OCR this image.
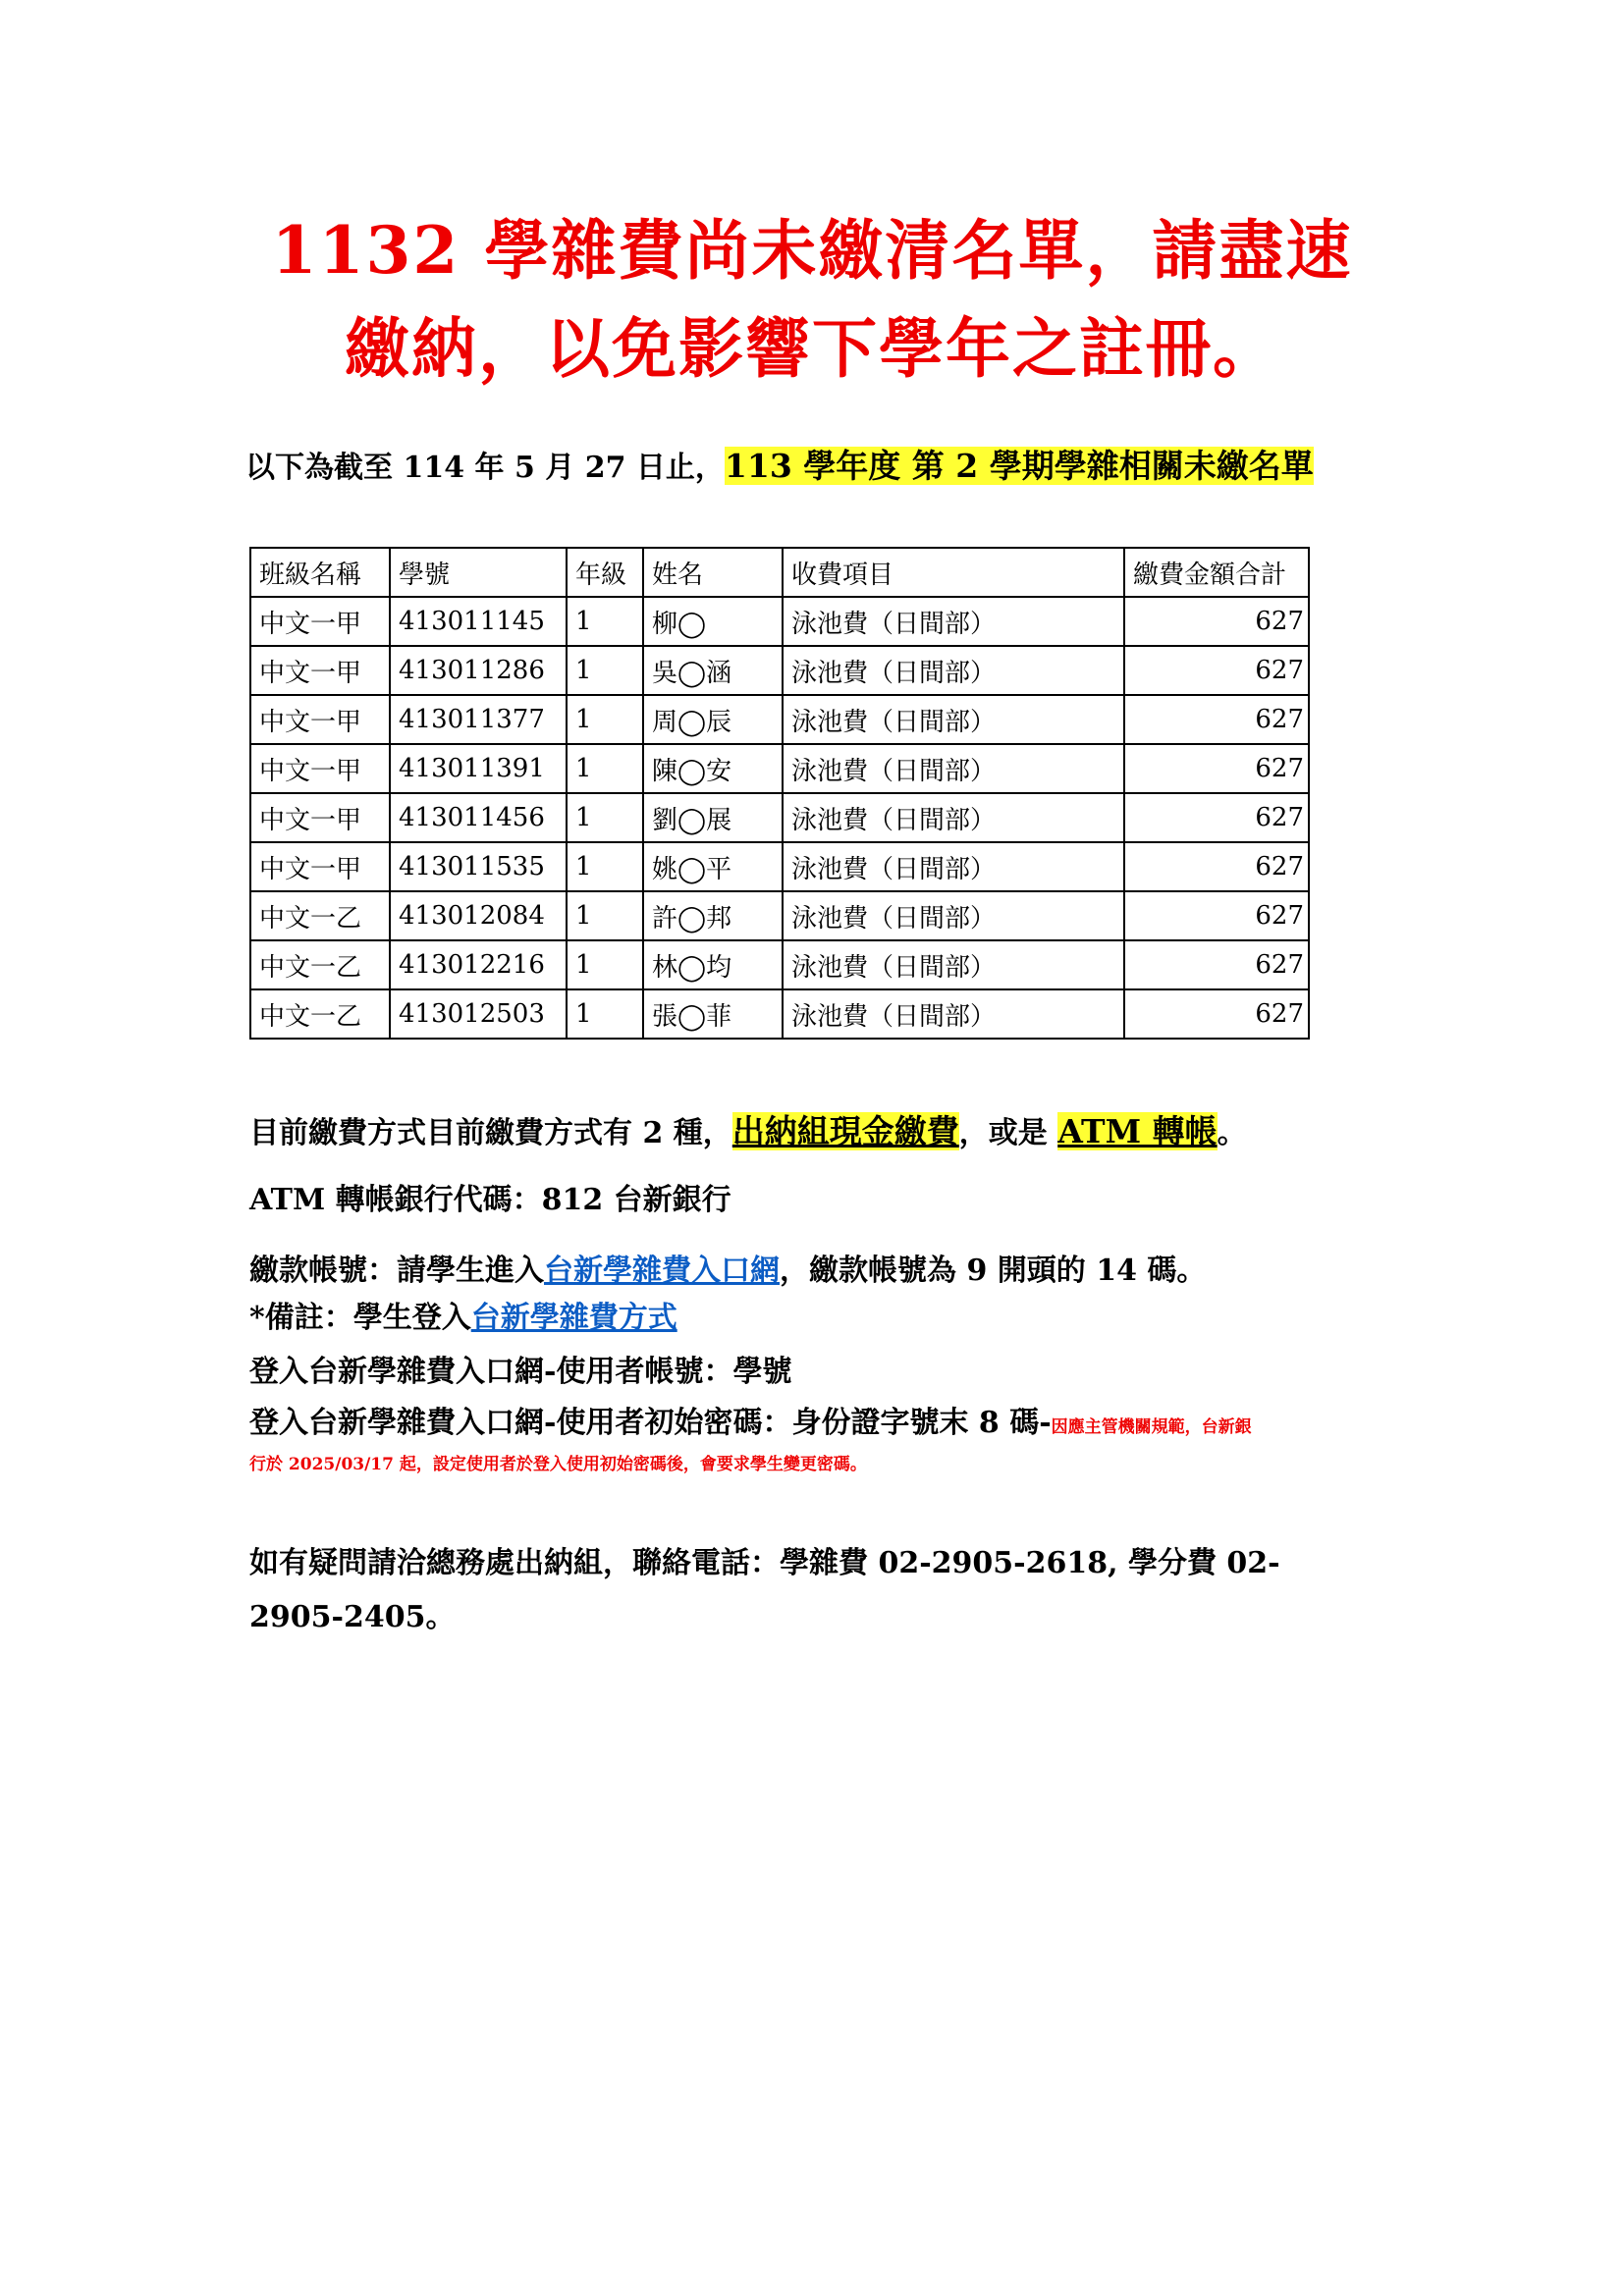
1132 學雜費尚未繳清名單，請盡速
繳納，以免影響下學年之註冊。
以下為截至 114 年 5 月 27 日止，113 學年度 第 2 學期學雜相關未繳名單
班級名稱	學號	年級	姓名	收費項目	繳費金額合計
中文一甲	413011145	1	柳◯	泳池費（日間部）	627
中文一甲	413011286	1	吳◯涵	泳池費（日間部）	627
中文一甲	413011377	1	周◯辰	泳池費（日間部）	627
中文一甲	413011391	1	陳◯安	泳池費（日間部）	627
中文一甲	413011456	1	劉◯展	泳池費（日間部）	627
中文一甲	413011535	1	姚◯平	泳池費（日間部）	627
中文一乙	413012084	1	許◯邦	泳池費（日間部）	627
中文一乙	413012216	1	林◯均	泳池費（日間部）	627
中文一乙	413012503	1	張◯菲	泳池費（日間部）	627
目前繳費方式目前繳費方式有 2 種，出納組現金繳費，或是 ATM 轉帳。
ATM 轉帳銀行代碼：812 台新銀行
繳款帳號：請學生進入台新學雜費入口網，繳款帳號為 9 開頭的 14 碼。
*備註：學生登入台新學雜費方式
登入台新學雜費入口網-使用者帳號：學號
登入台新學雜費入口網-使用者初始密碼：身份證字號末 8 碼-因應主管機關規範，台新銀
行於 2025/03/17 起，設定使用者於登入使用初始密碼後，會要求學生變更密碼。
如有疑問請洽總務處出納組，聯絡電話：學雜費 02-2905-2618, 學分費 02-
2905-2405。
